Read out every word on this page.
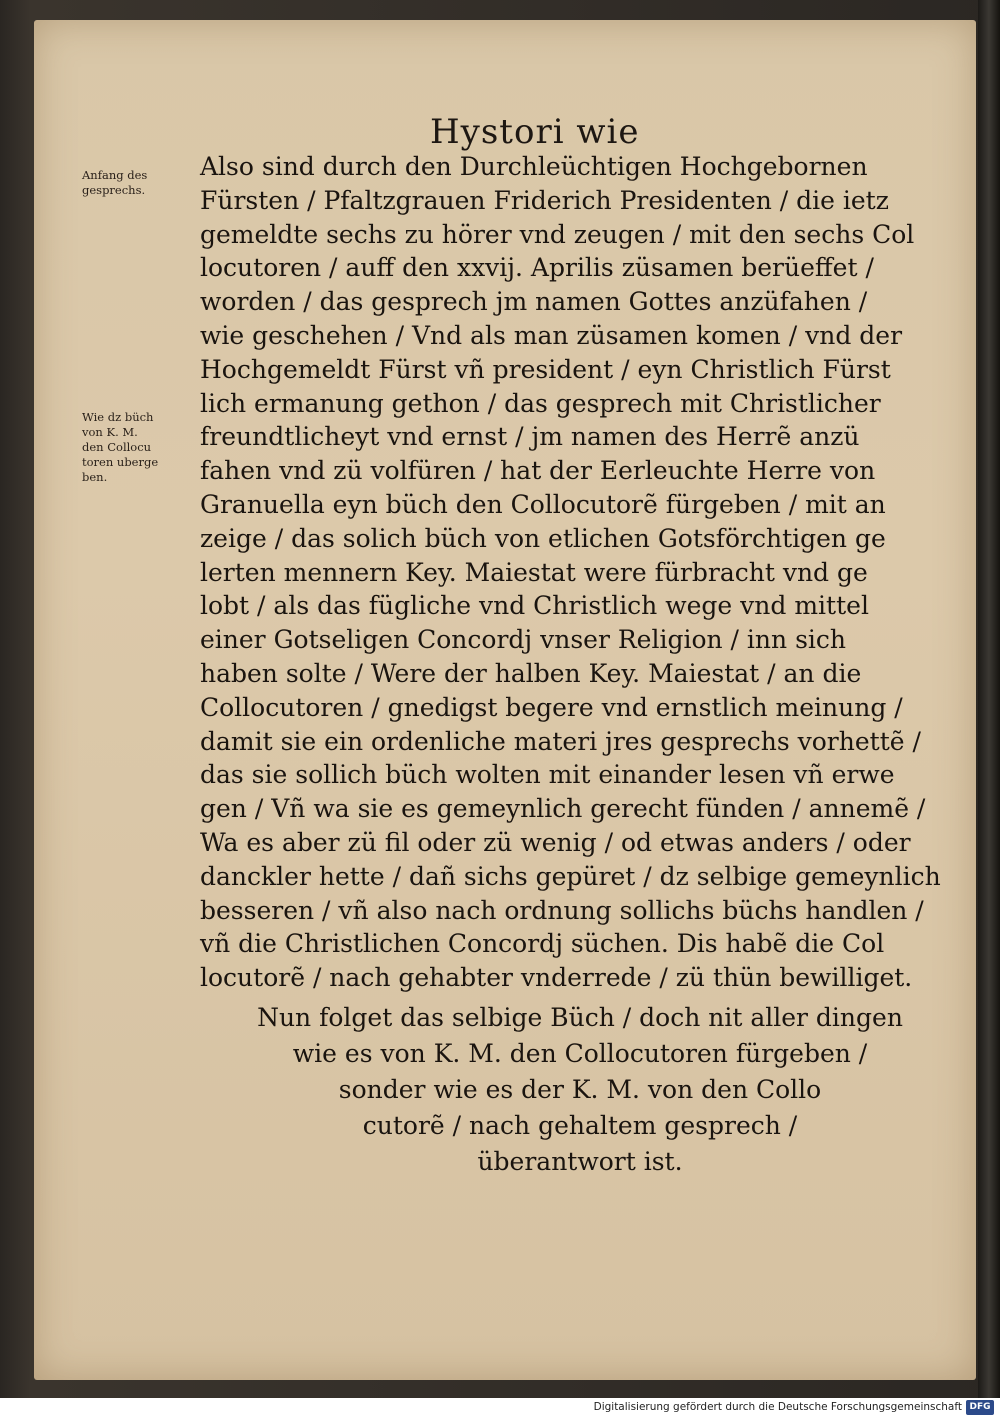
Hystori wie
Anfang des
gesprechs.
Wie dz büch
von K. M.
den Collocu
toren uberge
ben.
Also sind durch den Durchleüchtigen Hochgebornen
Fürsten / Pfaltzgrauen Friderich Presidenten / die ietz
gemeldte sechs zu hörer vnd zeugen / mit den sechs Col
locutoren / auff den xxvij. Aprilis züsamen berüeffet /
worden / das gesprech jm namen Gottes anzüfahen /
wie geschehen / Vnd als man züsamen komen / vnd der
Hochgemeldt Fürst vñ president / eyn Christlich Fürst
lich ermanung gethon / das gesprech mit Christlicher
freundtlicheyt vnd ernst / jm namen des Herrẽ anzü
fahen vnd zü volfüren / hat der Eerleuchte Herre von
Granuella eyn büch den Collocutorẽ fürgeben / mit an
zeige / das solich büch von etlichen Gotsförchtigen ge
lerten mennern Key. Maiestat were fürbracht vnd ge
lobt / als das fügliche vnd Christlich wege vnd mittel
einer Gotseligen Concordj vnser Religion / inn sich
haben solte / Were der halben Key. Maiestat / an die
Collocutoren / gnedigst begere vnd ernstlich meinung /
damit sie ein ordenliche materi jres gesprechs vorhettẽ /
das sie sollich büch wolten mit einander lesen vñ erwe
gen / Vñ wa sie es gemeynlich gerecht fünden / annemẽ /
Wa es aber zü fil oder zü wenig / od etwas anders / oder
danckler hette / dañ sichs gepüret / dz selbige gemeynlich
besseren / vñ also nach ordnung sollichs büchs handlen /
vñ die Christlichen Concordj süchen. Dis habẽ die Col
locutorẽ / nach gehabter vnderrede / zü thün bewilliget.
Nun folget das selbige Büch / doch nit aller dingen
wie es von K. M. den Collocutoren fürgeben /
sonder wie es der K. M. von den Collo
cutorẽ / nach gehaltem gesprech /
überantwort ist.
Digitalisierung gefördert durch die Deutsche Forschungsgemeinschaft DFG
